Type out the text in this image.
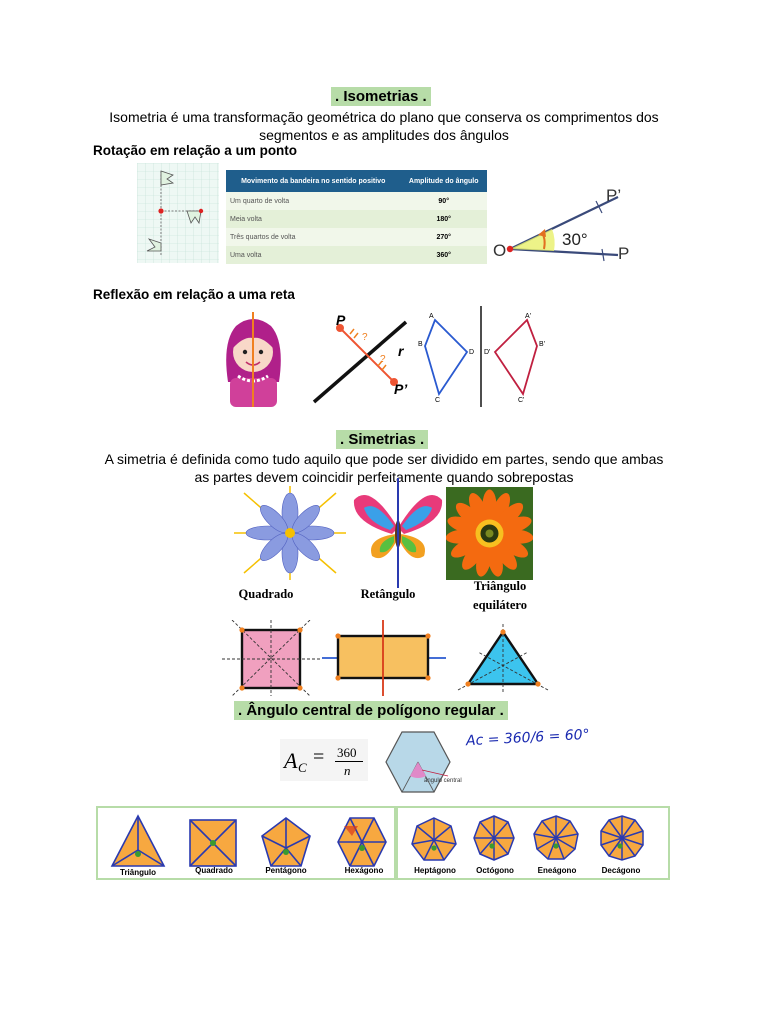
. Isometrias .
Isometria é uma transformação geométrica do plano que conserva os comprimentos dos
segmentos e as amplitudes dos ângulos
Rotação em relação a um ponto
Movimento da bandeira no sentido positivo	Amplitude do ângulo
Um quarto de volta	90°
Meia volta	180°
Três quartos de volta	270°
Uma volta	360° O	P
P’
30°
Reflexão em relação a uma reta
?
?
P
P’
r
A
B
C
D
A'
B'
C'
D'
. Simetrias .
A simetria é definida como tudo aquilo que pode ser dividido em partes, sendo que ambas
as partes devem coincidir perfeitamente quando sobrepostas
Quadrado	Retângulo
Triângulo
equilátero
. Ângulo central de polígono regular .
A C = 360
n
ângulo central
Ac = 360/6 = 60°
Triângulo	Quadrado	Pentágono	Hexágono	Heptágono	Octógono	Eneágono	Decágono
